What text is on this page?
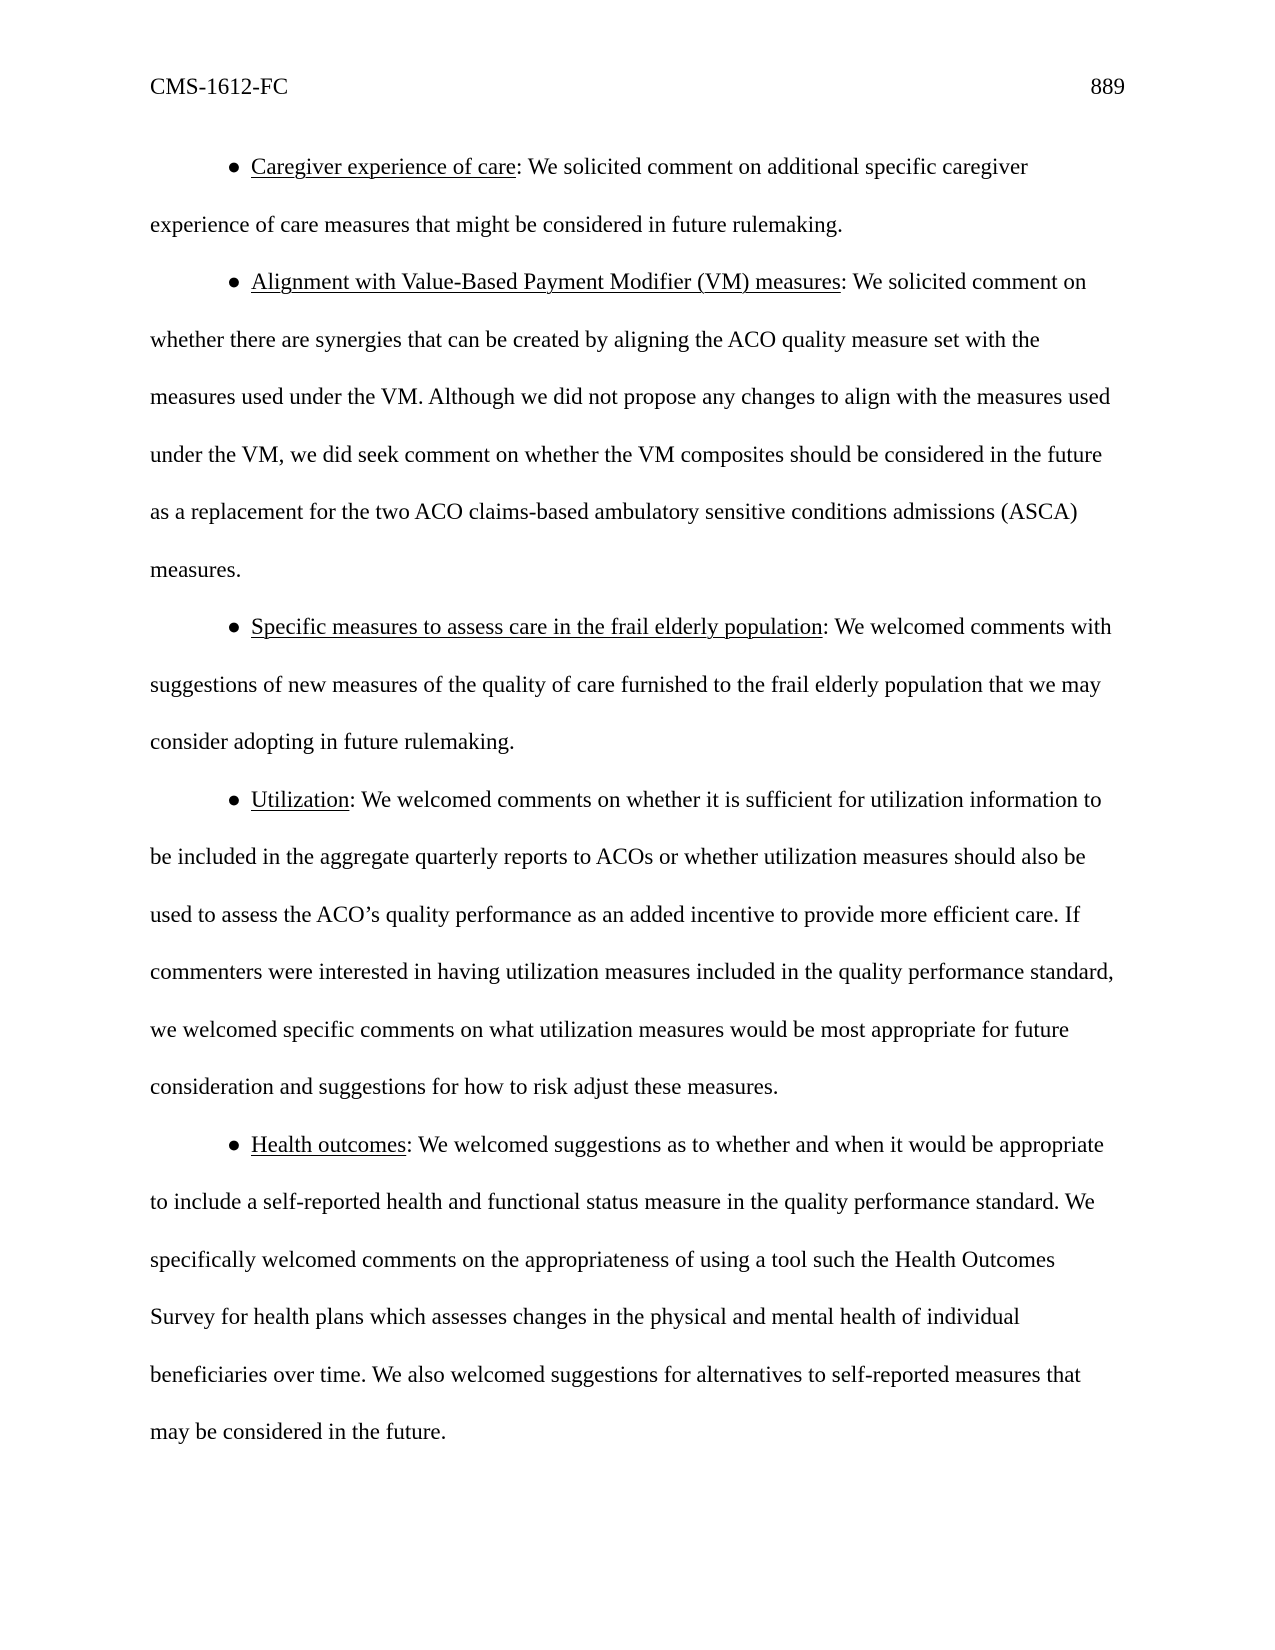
CMS-1612-FC	889

● Caregiver experience of care: We solicited comment on additional specific caregiver experience of care measures that might be considered in future rulemaking.

● Alignment with Value-Based Payment Modifier (VM) measures: We solicited comment on whether there are synergies that can be created by aligning the ACO quality measure set with the measures used under the VM. Although we did not propose any changes to align with the measures used under the VM, we did seek comment on whether the VM composites should be considered in the future as a replacement for the two ACO claims-based ambulatory sensitive conditions admissions (ASCA) measures.

● Specific measures to assess care in the frail elderly population: We welcomed comments with suggestions of new measures of the quality of care furnished to the frail elderly population that we may consider adopting in future rulemaking.

● Utilization: We welcomed comments on whether it is sufficient for utilization information to be included in the aggregate quarterly reports to ACOs or whether utilization measures should also be used to assess the ACO’s quality performance as an added incentive to provide more efficient care. If commenters were interested in having utilization measures included in the quality performance standard, we welcomed specific comments on what utilization measures would be most appropriate for future consideration and suggestions for how to risk adjust these measures.

● Health outcomes: We welcomed suggestions as to whether and when it would be appropriate to include a self-reported health and functional status measure in the quality performance standard. We specifically welcomed comments on the appropriateness of using a tool such the Health Outcomes Survey for health plans which assesses changes in the physical and mental health of individual beneficiaries over time. We also welcomed suggestions for alternatives to self-reported measures that may be considered in the future.
